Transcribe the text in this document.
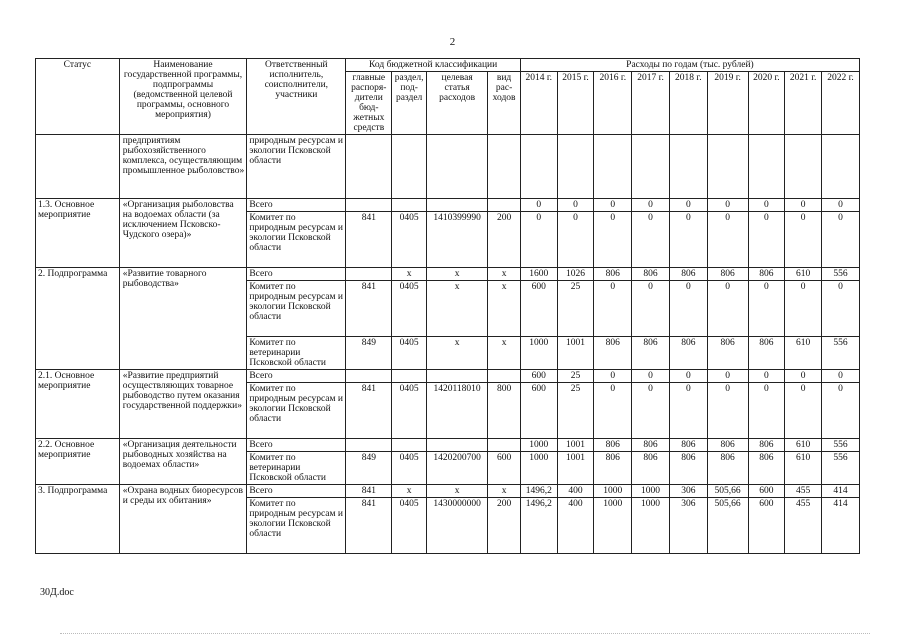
2
Статус	Наименование государственной программы, подпрограммы (ведомственной целевой программы, основного мероприятия)	Ответственный исполнитель, соисполнители, участники	Код бюджетной классификации				Расходы по годам (тыс. рублей)								
			главные распоря-дители бюд-жетных средств	раздел, под-раздел	целевая статья расходов	вид рас-ходов	2014 г.	2015 г.	2016 г.	2017 г.	2018 г.	2019 г.	2020 г.	2021 г.	2022 г.
	предприятиям рыбохозяйственного комплекса, осуществляющим промышленное рыболовство»	природным ресурсам и экологии Псковской области													
1.3. Основное мероприятие	«Организация рыболовства на водоемах области (за исключением Псковско-Чудского озера)»	Всего					0	0	0	0	0	0	0	0	0
		Комитет по природным ресурсам и экологии Псковской области	841	0405	1410399990	200	0	0	0	0	0	0	0	0	0
2. Подпрограмма	«Развитие товарного рыбоводства»	Всего		x	x	x	1600	1026	806	806	806	806	806	610	556
		Комитет по природным ресурсам и экологии Псковской области	841	0405	x	x	600	25	0	0	0	0	0	0	0
		Комитет по ветеринарии Псковской области	849	0405	x	x	1000	1001	806	806	806	806	806	610	556
2.1. Основное мероприятие	«Развитие предприятий осуществляющих товарное рыбоводство путем оказания государственной поддержки»	Всего					600	25	0	0	0	0	0	0	0
		Комитет по природным ресурсам и экологии Псковской области	841	0405	1420118010	800	600	25	0	0	0	0	0	0	0
2.2. Основное мероприятие	«Организация деятельности рыбоводных хозяйства на водоемах области»	Всего					1000	1001	806	806	806	806	806	610	556
		Комитет по ветеринарии Псковской области	849	0405	1420200700	600	1000	1001	806	806	806	806	806	610	556
3. Подпрограмма	«Охрана водных биоресурсов и среды их обитания»	Всего	841	x	x	x	1496,2	400	1000	1000	306	505,66	600	455	414
		Комитет по природным ресурсам и экологии Псковской области	841	0405	1430000000	200	1496,2	400	1000	1000	306	505,66	600	455	414
30Д.doc
